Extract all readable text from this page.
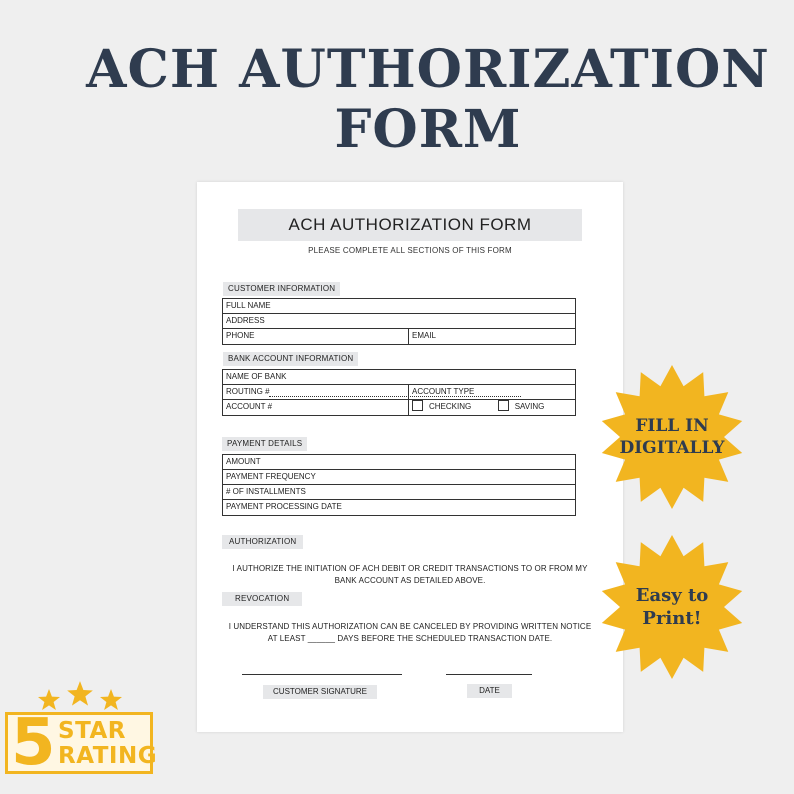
ACH AUTHORIZATION
FORM
ACH AUTHORIZATION FORM
PLEASE COMPLETE ALL SECTIONS OF THIS FORM
CUSTOMER INFORMATION
FULL NAME
ADDRESS
PHONE	EMAIL
BANK ACCOUNT INFORMATION
NAME OF BANK
ROUTING #	ACCOUNT TYPE
ACCOUNT #	CHECKING	SAVING
PAYMENT DETAILS
AMOUNT
PAYMENT FREQUENCY
# OF INSTALLMENTS
PAYMENT PROCESSING DATE
AUTHORIZATION
I AUTHORIZE THE INITIATION OF ACH DEBIT OR CREDIT TRANSACTIONS TO OR FROM MY BANK ACCOUNT AS DETAILED ABOVE.
REVOCATION
I UNDERSTAND THIS AUTHORIZATION CAN BE CANCELED BY PROVIDING WRITTEN NOTICE AT LEAST ______ DAYS BEFORE THE SCHEDULED TRANSACTION DATE.
CUSTOMER SIGNATURE	DATE
FILL IN
DIGITALLY
Easy to
Print!
5 STAR
RATING
